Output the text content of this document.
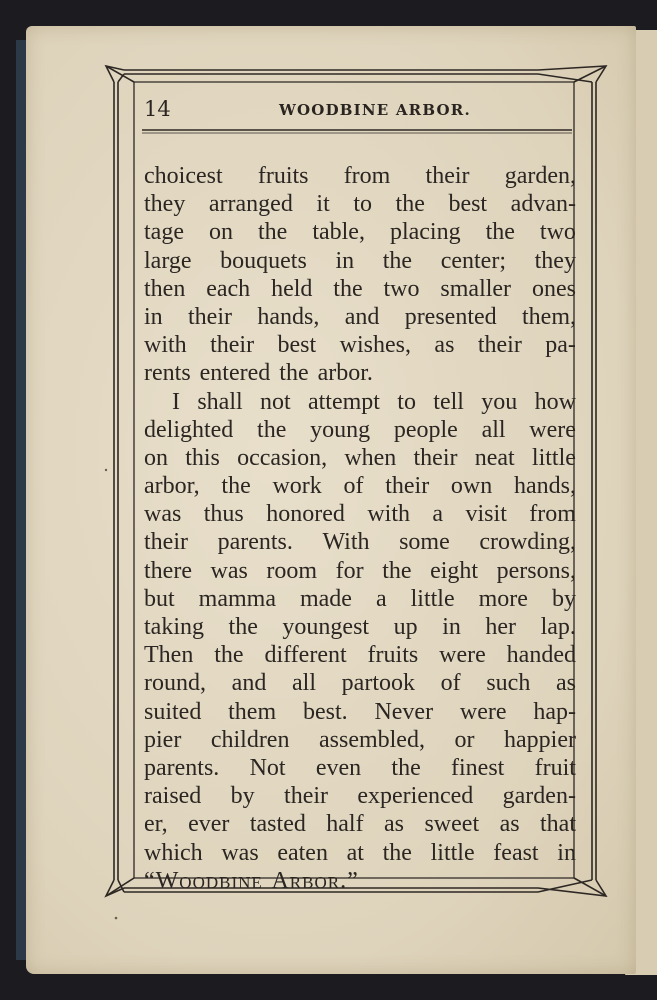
14	WOODBINE ARBOR.
choicest fruits from their garden,
they arranged it to the best advan-
tage on the table, placing the two
large bouquets in the center; they
then each held the two smaller ones
in their hands, and presented them,
with their best wishes, as their pa-
rents entered the arbor.
I shall not attempt to tell you how
delighted the young people all were
on this occasion, when their neat little
arbor, the work of their own hands,
was thus honored with a visit from
their parents. With some crowding,
there was room for the eight persons,
but mamma made a little more by
taking the youngest up in her lap.
Then the different fruits were handed
round, and all partook of such as
suited them best. Never were hap-
pier children assembled, or happier
parents. Not even the finest fruit
raised by their experienced garden-
er, ever tasted half as sweet as that
which was eaten at the little feast in
“Woodbine Arbor.”
